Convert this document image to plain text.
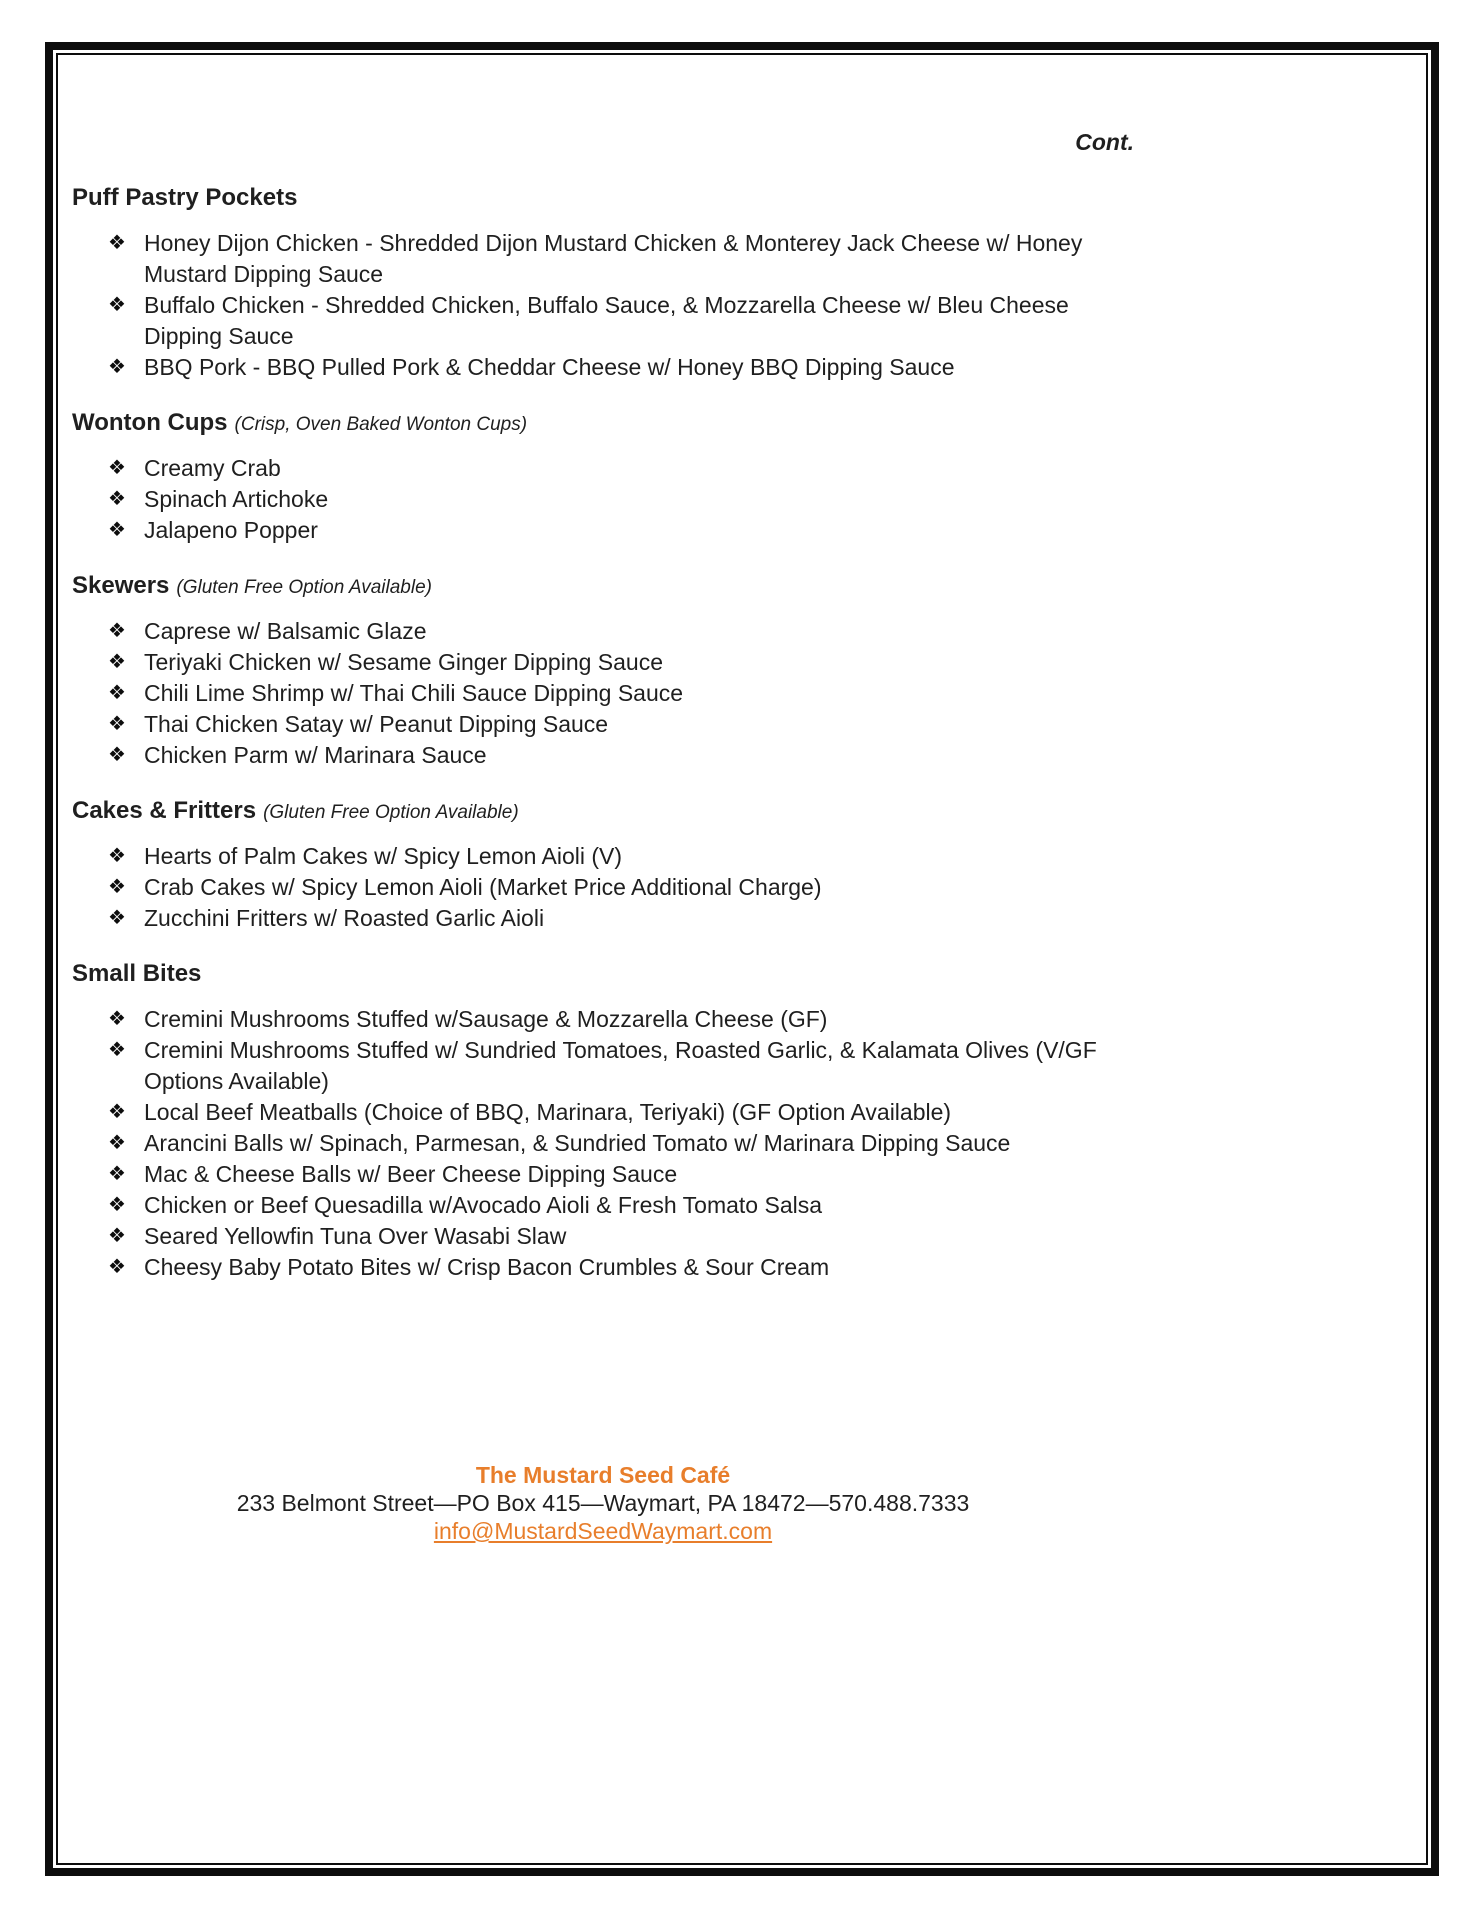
Cont.
Puff Pastry Pockets
❖ Honey Dijon Chicken - Shredded Dijon Mustard Chicken & Monterey Jack Cheese w/ Honey Mustard Dipping Sauce
❖ Buffalo Chicken - Shredded Chicken, Buffalo Sauce, & Mozzarella Cheese w/ Bleu Cheese Dipping Sauce
❖ BBQ Pork - BBQ Pulled Pork & Cheddar Cheese w/ Honey BBQ Dipping Sauce
Wonton Cups (Crisp, Oven Baked Wonton Cups)
❖ Creamy Crab
❖ Spinach Artichoke
❖ Jalapeno Popper
Skewers (Gluten Free Option Available)
❖ Caprese w/ Balsamic Glaze
❖ Teriyaki Chicken w/ Sesame Ginger Dipping Sauce
❖ Chili Lime Shrimp w/ Thai Chili Sauce Dipping Sauce
❖ Thai Chicken Satay w/ Peanut Dipping Sauce
❖ Chicken Parm w/ Marinara Sauce
Cakes & Fritters (Gluten Free Option Available)
❖ Hearts of Palm Cakes w/ Spicy Lemon Aioli (V)
❖ Crab Cakes w/ Spicy Lemon Aioli (Market Price Additional Charge)
❖ Zucchini Fritters w/ Roasted Garlic Aioli
Small Bites
❖ Cremini Mushrooms Stuffed w/Sausage & Mozzarella Cheese (GF)
❖ Cremini Mushrooms Stuffed w/ Sundried Tomatoes, Roasted Garlic, & Kalamata Olives (V/GF Options Available)
❖ Local Beef Meatballs (Choice of BBQ, Marinara, Teriyaki) (GF Option Available)
❖ Arancini Balls w/ Spinach, Parmesan, & Sundried Tomato w/ Marinara Dipping Sauce
❖ Mac & Cheese Balls w/ Beer Cheese Dipping Sauce
❖ Chicken or Beef Quesadilla w/Avocado Aioli & Fresh Tomato Salsa
❖ Seared Yellowfin Tuna Over Wasabi Slaw
❖ Cheesy Baby Potato Bites w/ Crisp Bacon Crumbles & Sour Cream
The Mustard Seed Café
233 Belmont Street—PO Box 415—Waymart, PA 18472—570.488.7333
info@MustardSeedWaymart.com
